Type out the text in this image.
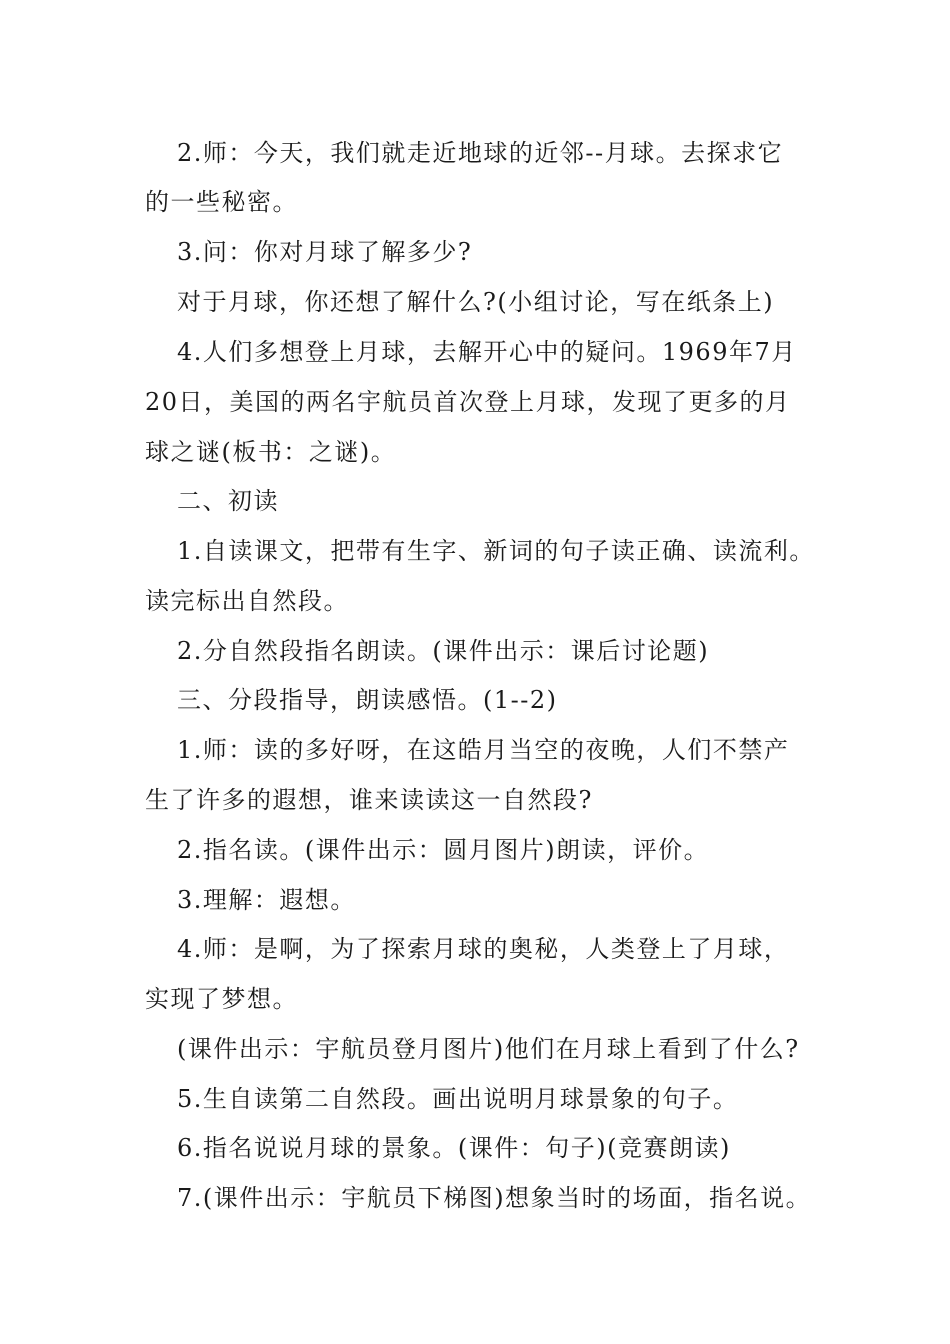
2.师：今天，我们就走近地球的近邻--月球。去探求它
的一些秘密。
3.问：你对月球了解多少?
对于月球，你还想了解什么?(小组讨论，写在纸条上)
4.人们多想登上月球，去解开心中的疑问。1969年7月
20日，美国的两名宇航员首次登上月球，发现了更多的月
球之谜(板书：之谜)。
二、初读
1.自读课文，把带有生字、新词的句子读正确、读流利。
读完标出自然段。
2.分自然段指名朗读。(课件出示：课后讨论题)
三、分段指导，朗读感悟。(1--2)
1.师：读的多好呀，在这皓月当空的夜晚，人们不禁产
生了许多的遐想，谁来读读这一自然段?
2.指名读。(课件出示：圆月图片)朗读，评价。
3.理解：遐想。
4.师：是啊，为了探索月球的奥秘，人类登上了月球，
实现了梦想。
(课件出示：宇航员登月图片)他们在月球上看到了什么?
5.生自读第二自然段。画出说明月球景象的句子。
6.指名说说月球的景象。(课件：句子)(竞赛朗读)
7.(课件出示：宇航员下梯图)想象当时的场面，指名说。
